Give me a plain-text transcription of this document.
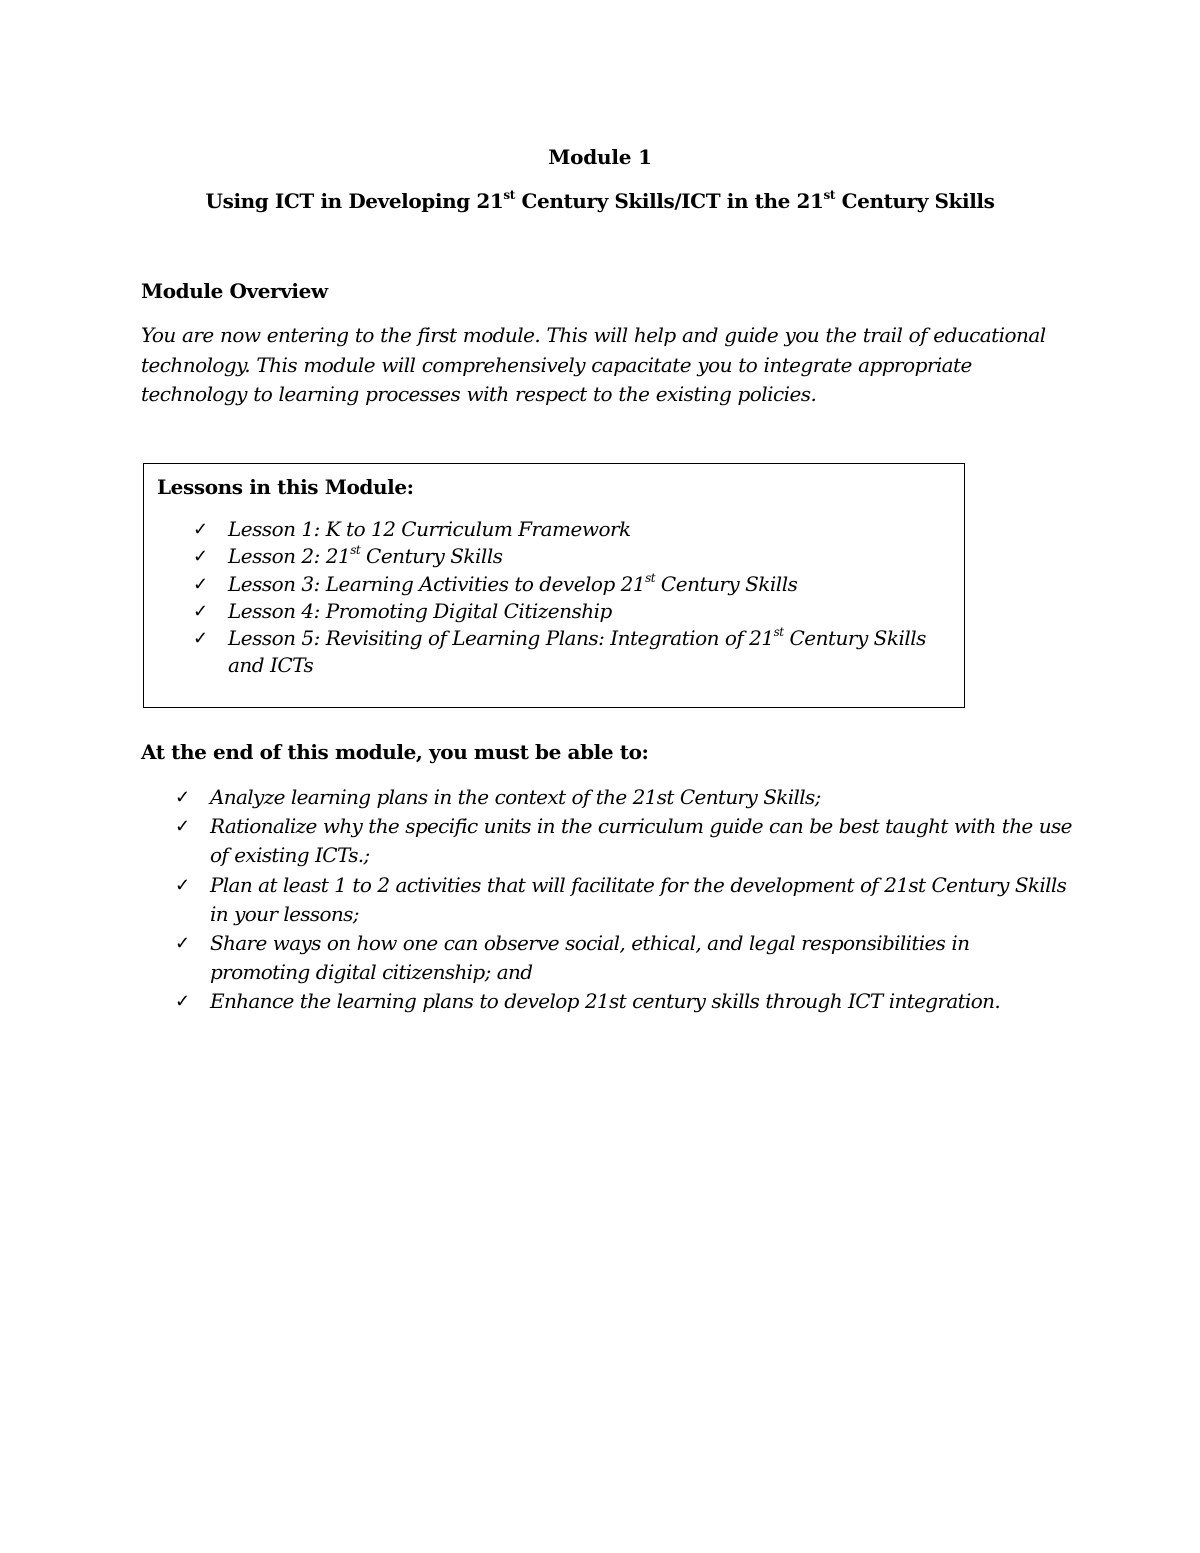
Module 1
Using ICT in Developing 21st Century Skills/ICT in the 21st Century Skills
Module Overview
You are now entering to the first module. This will help and guide you the trail of educational technology. This module will comprehensively capacitate you to integrate appropriate technology to learning processes with respect to the existing policies.
Lessons in this Module:
✓ Lesson 1: K to 12 Curriculum Framework
✓ Lesson 2: 21st Century Skills
✓ Lesson 3: Learning Activities to develop 21st Century Skills
✓ Lesson 4: Promoting Digital Citizenship
✓ Lesson 5: Revisiting of Learning Plans: Integration of 21st Century Skills and ICTs
At the end of this module, you must be able to:
✓ Analyze learning plans in the context of the 21st Century Skills;
✓ Rationalize why the specific units in the curriculum guide can be best taught with the use of existing ICTs.;
✓ Plan at least 1 to 2 activities that will facilitate for the development of 21st Century Skills in your lessons;
✓ Share ways on how one can observe social, ethical, and legal responsibilities in promoting digital citizenship; and
✓ Enhance the learning plans to develop 21st century skills through ICT integration.
